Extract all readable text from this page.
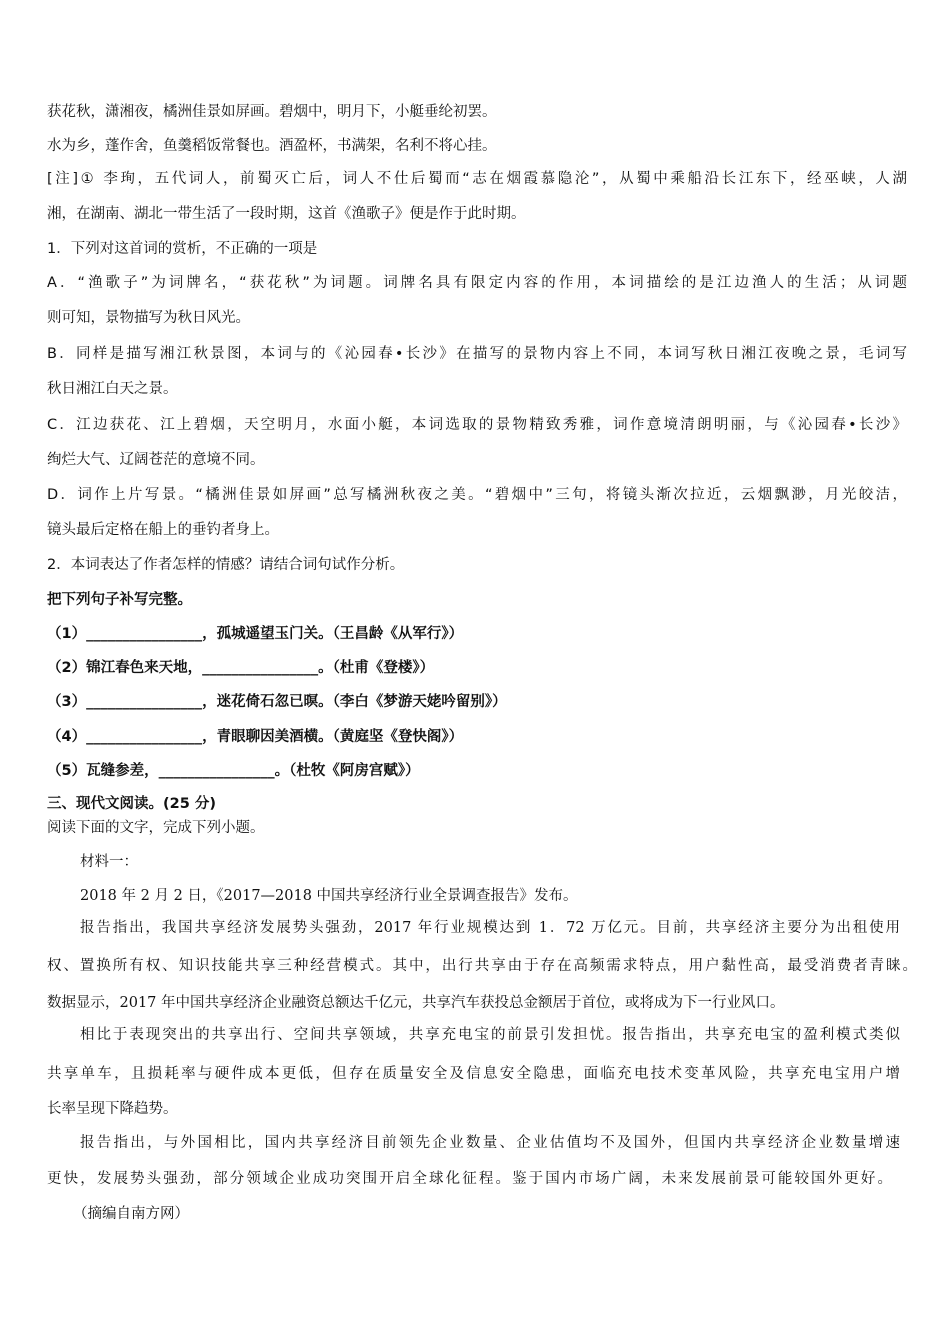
获花秋，潇湘夜，橘洲佳景如屏画。碧烟中，明月下，小艇垂纶初罢。
水为乡，蓬作舍，鱼羹稻饭常餐也。酒盈杯，书满架，名利不将心挂。
[注]① 李珣，五代词人，前蜀灭亡后，词人不仕后蜀而“志在烟霞慕隐沦”，从蜀中乘船沿长江东下，经巫峡，人湖
湘，在湖南、湖北一带生活了一段时期，这首《渔歌子》便是作于此时期。
1．下列对这首词的赏析，不正确的一项是
A．“渔歌子”为词牌名，“获花秋”为词题。词牌名具有限定内容的作用，本词描绘的是江边渔人的生活；从词题
则可知，景物描写为秋日风光。
B．同样是描写湘江秋景图，本词与的《沁园春•长沙》在描写的景物内容上不同，本词写秋日湘江夜晚之景，毛词写
秋日湘江白天之景。
C．江边获花、江上碧烟，天空明月，水面小艇，本词选取的景物精致秀雅，词作意境清朗明丽，与《沁园春•长沙》
绚烂大气、辽阔苍茫的意境不同。
D．词作上片写景。“橘洲佳景如屏画”总写橘洲秋夜之美。“碧烟中”三句，将镜头渐次拉近，云烟飘渺，月光皎洁，
镜头最后定格在船上的垂钓者身上。
2．本词表达了作者怎样的情感？请结合词句试作分析。
把下列句子补写完整。
（1）________________，孤城遥望玉门关。（王昌龄《从军行》）
（2）锦江春色来天地，________________。（杜甫《登楼》）
（3）________________，迷花倚石忽已暝。（李白《梦游天姥吟留别》）
（4）________________，青眼聊因美酒横。（黄庭坚《登快阁》）
（5）瓦缝参差，________________。（杜牧《阿房宫赋》）
三、现代文阅读。(25 分)
阅读下面的文字，完成下列小题。
材料一：
2018 年 2 月 2 日，《2017—2018 中国共享经济行业全景调查报告》发布。
报告指出，我国共享经济发展势头强劲，2017 年行业规模达到 1．72 万亿元。目前，共享经济主要分为出租使用
权、置换所有权、知识技能共享三种经营模式。其中，出行共享由于存在高频需求特点，用户黏性高，最受消费者青睐。
数据显示，2017 年中国共享经济企业融资总额达千亿元，共享汽车获投总金额居于首位，或将成为下一行业风口。
相比于表现突出的共享出行、空间共享领域，共享充电宝的前景引发担忧。报告指出，共享充电宝的盈利模式类似
共享单车，且损耗率与硬件成本更低，但存在质量安全及信息安全隐患，面临充电技术变革风险，共享充电宝用户增
长率呈现下降趋势。
报告指出，与外国相比，国内共享经济目前领先企业数量、企业估值均不及国外，但国内共享经济企业数量增速
更快，发展势头强劲，部分领域企业成功突围开启全球化征程。鉴于国内市场广阔，未来发展前景可能较国外更好。
（摘编自南方网）
